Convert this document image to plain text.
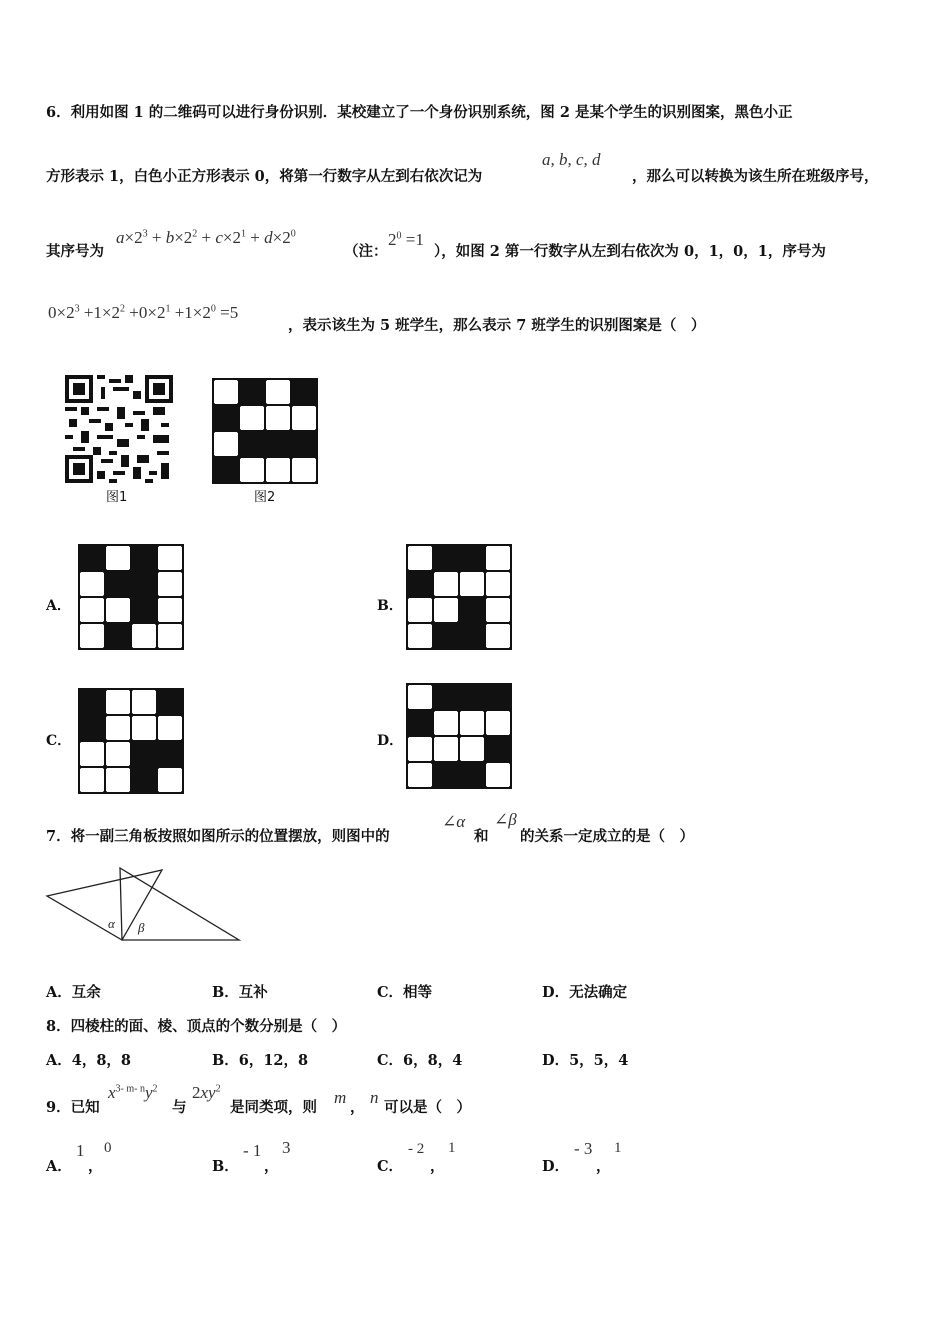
6．利用如图 1 的二维码可以进行身份识别．某校建立了一个身份识别系统，图 2 是某个学生的识别图案，黑色小正
方形表示 1，白色小正方形表示 0，将第一行数字从左到右依次记为
a, b, c, d
，那么可以转换为该生所在班级序号，
其序号为
$a\times 2^3 + b\times 2^2 + c\times 2^1 + d\times 2^0$
（注：
$2^0 =1$
），如图 2 第一行数字从左到右依次为 0，1，0，1，序号为
$0\times 2^3 +1\times 2^2 +0\times 2^1 +1\times 2^0 =5$
，表示该生为 5 班学生，那么表示 7 班学生的识别图案是（　）
图1	图2
A．	B．
C．	D．
7．将一副三角板按照如图所示的位置摆放，则图中的
∠α
和
∠β
的关系一定成立的是（　）
α β
A．互余	B．互补	C．相等	D．无法确定
8．四棱柱的面、棱、顶点的个数分别是（　）
A．4，8，8	B．6，12，8	C．6，8，4	D．5，5，4
9．已知
$x^{3- m- n}y^2$
与
$2xy^2$
是同类项，则
m
，
n
可以是（　）
A．
1
，
0
B．
- 1
，
3
C．
- 2
，
1
D．
- 3
，
1
